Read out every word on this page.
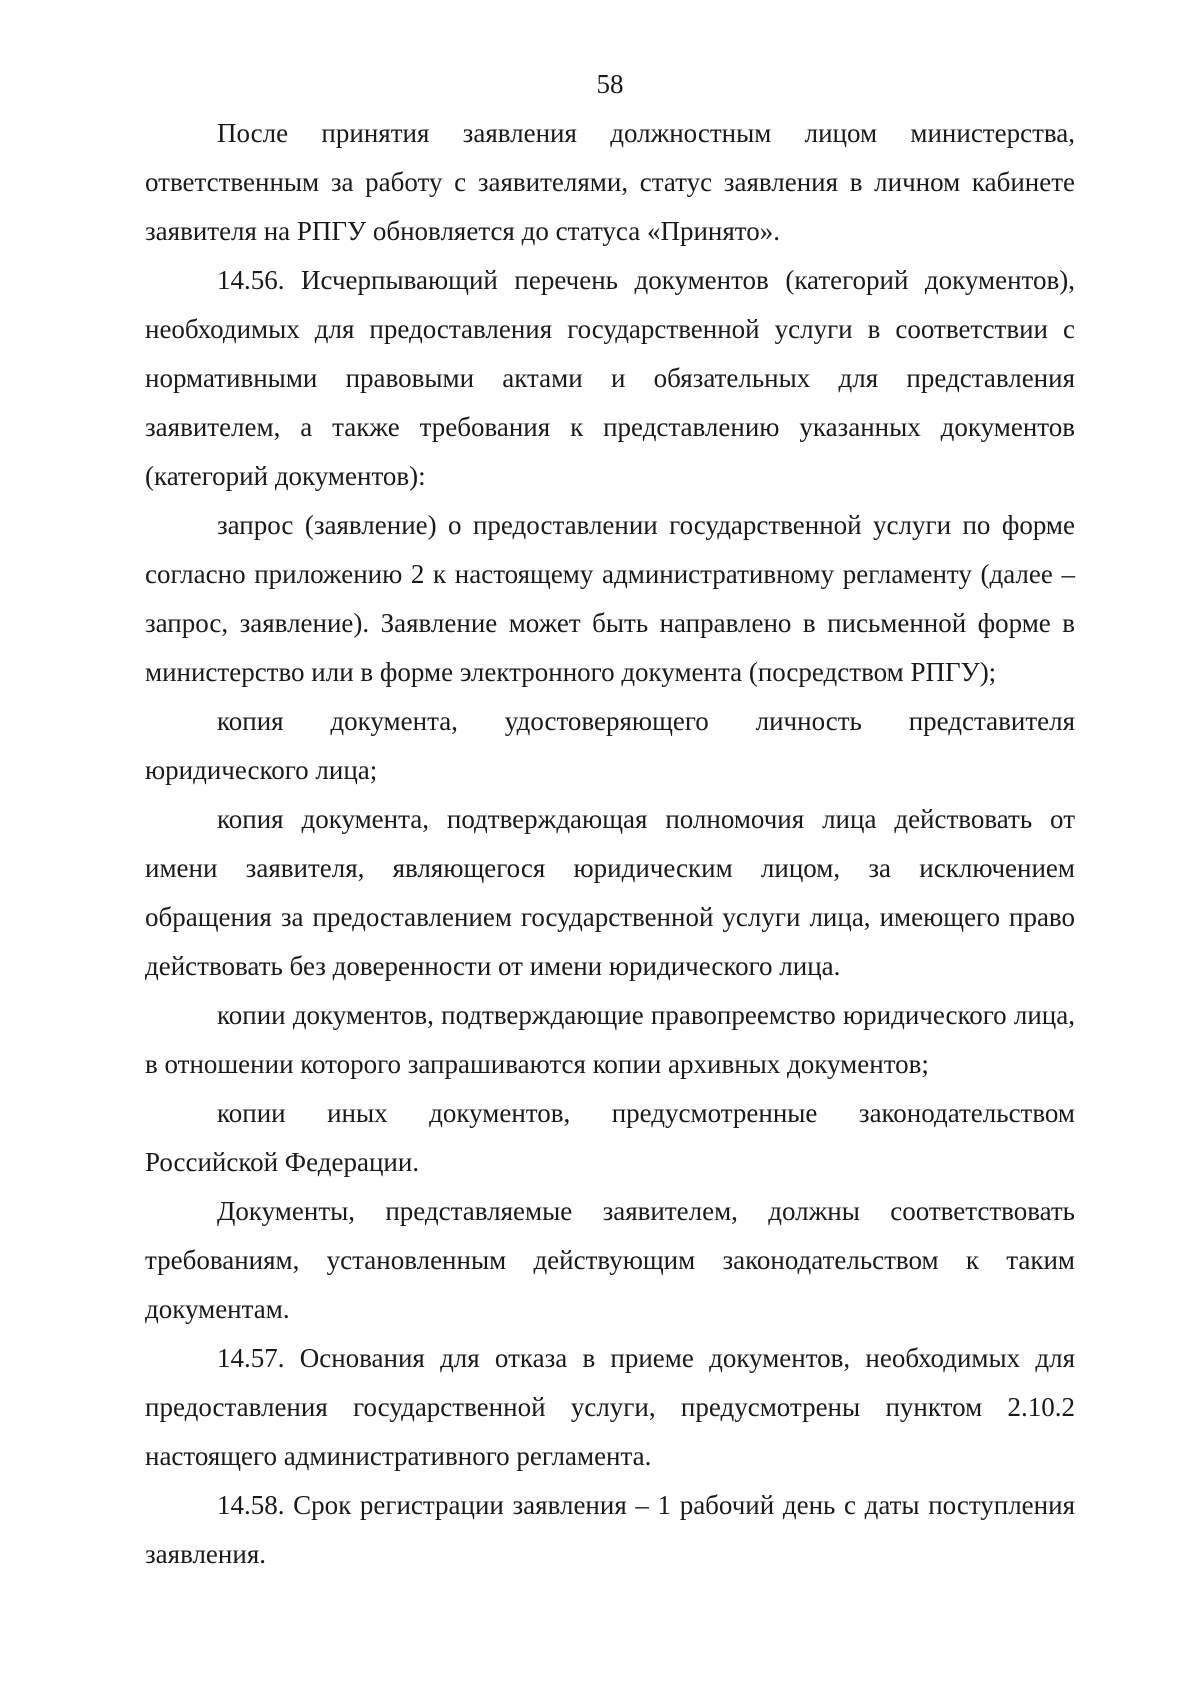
58

После принятия заявления должностным лицом министерства, ответственным за работу с заявителями, статус заявления в личном кабинете заявителя на РПГУ обновляется до статуса «Принято».

14.56. Исчерпывающий перечень документов (категорий документов), необходимых для предоставления государственной услуги в соответствии с нормативными правовыми актами и обязательных для представления заявителем, а также требования к представлению указанных документов (категорий документов):

запрос (заявление) о предоставлении государственной услуги по форме согласно приложению 2 к настоящему административному регламенту (далее – запрос, заявление). Заявление может быть направлено в письменной форме в министерство или в форме электронного документа (посредством РПГУ);

копия документа, удостоверяющего личность представителя юридического лица;

копия документа, подтверждающая полномочия лица действовать от имени заявителя, являющегося юридическим лицом, за исключением обращения за предоставлением государственной услуги лица, имеющего право действовать без доверенности от имени юридического лица.

копии документов, подтверждающие правопреемство юридического лица, в отношении которого запрашиваются копии архивных документов;

копии иных документов, предусмотренные законодательством Российской Федерации.

Документы, представляемые заявителем, должны соответствовать требованиям, установленным действующим законодательством к таким документам.

14.57. Основания для отказа в приеме документов, необходимых для предоставления государственной услуги, предусмотрены пунктом 2.10.2 настоящего административного регламента.

14.58. Срок регистрации заявления – 1 рабочий день с даты поступления заявления.
